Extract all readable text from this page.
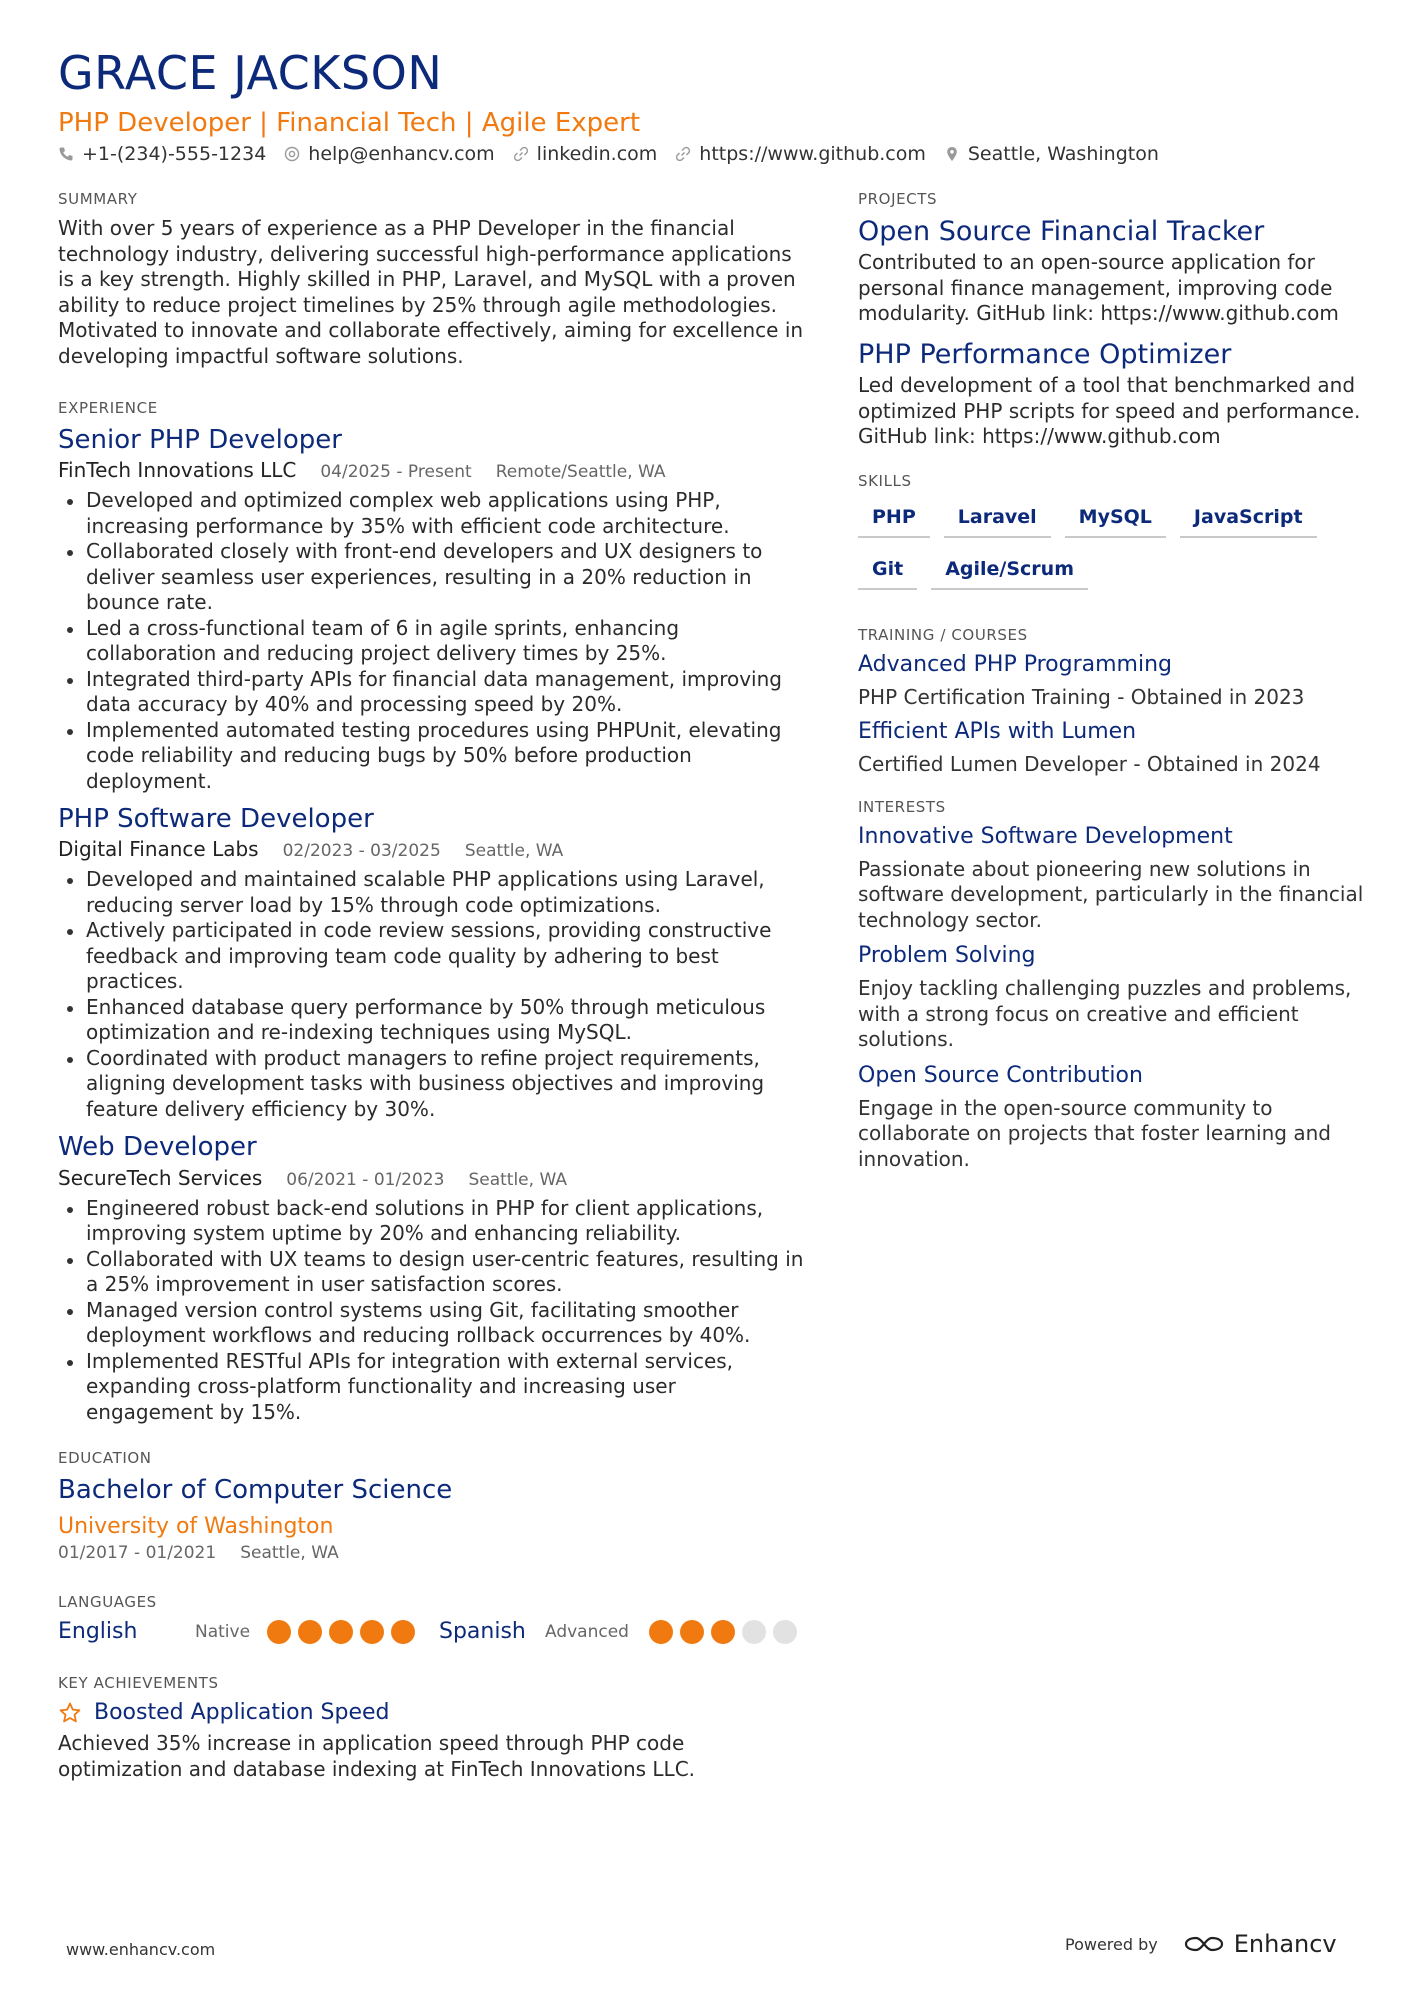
GRACE JACKSON
PHP Developer | Financial Tech | Agile Expert
+1-(234)-555-1234 help@enhancv.com linkedin.com https://www.github.com Seattle, Washington
SUMMARY
With over 5 years of experience as a PHP Developer in the financial technology industry, delivering successful high-performance applications is a key strength. Highly skilled in PHP, Laravel, and MySQL with a proven ability to reduce project timelines by 25% through agile methodologies. Motivated to innovate and collaborate effectively, aiming for excellence in developing impactful software solutions.
EXPERIENCE
Senior PHP Developer
FinTech Innovations LLC 04/2025 - Present Remote/Seattle, WA
Developed and optimized complex web applications using PHP, increasing performance by 35% with efficient code architecture.
Collaborated closely with front-end developers and UX designers to deliver seamless user experiences, resulting in a 20% reduction in bounce rate.
Led a cross-functional team of 6 in agile sprints, enhancing collaboration and reducing project delivery times by 25%.
Integrated third-party APIs for financial data management, improving data accuracy by 40% and processing speed by 20%.
Implemented automated testing procedures using PHPUnit, elevating code reliability and reducing bugs by 50% before production deployment.
PHP Software Developer
Digital Finance Labs 02/2023 - 03/2025 Seattle, WA
Developed and maintained scalable PHP applications using Laravel, reducing server load by 15% through code optimizations.
Actively participated in code review sessions, providing constructive feedback and improving team code quality by adhering to best practices.
Enhanced database query performance by 50% through meticulous optimization and re-indexing techniques using MySQL.
Coordinated with product managers to refine project requirements, aligning development tasks with business objectives and improving feature delivery efficiency by 30%.
Web Developer
SecureTech Services 06/2021 - 01/2023 Seattle, WA
Engineered robust back-end solutions in PHP for client applications, improving system uptime by 20% and enhancing reliability.
Collaborated with UX teams to design user-centric features, resulting in a 25% improvement in user satisfaction scores.
Managed version control systems using Git, facilitating smoother deployment workflows and reducing rollback occurrences by 40%.
Implemented RESTful APIs for integration with external services, expanding cross-platform functionality and increasing user engagement by 15%.
EDUCATION
Bachelor of Computer Science
University of Washington
01/2017 - 01/2021 Seattle, WA
LANGUAGES
English	Native	Spanish	Advanced
KEY ACHIEVEMENTS
Boosted Application Speed
Achieved 35% increase in application speed through PHP code optimization and database indexing at FinTech Innovations LLC.
PROJECTS
Open Source Financial Tracker
Contributed to an open-source application for personal finance management, improving code modularity. GitHub link: https://www.github.com
PHP Performance Optimizer
Led development of a tool that benchmarked and optimized PHP scripts for speed and performance. GitHub link: https://www.github.com
SKILLS
PHP	Laravel	MySQL	JavaScript
Git	Agile/Scrum
TRAINING / COURSES
Advanced PHP Programming
PHP Certification Training - Obtained in 2023
Efficient APIs with Lumen
Certified Lumen Developer - Obtained in 2024
INTERESTS
Innovative Software Development
Passionate about pioneering new solutions in software development, particularly in the financial technology sector.
Problem Solving
Enjoy tackling challenging puzzles and problems, with a strong focus on creative and efficient solutions.
Open Source Contribution
Engage in the open-source community to collaborate on projects that foster learning and innovation.
www.enhancv.com	Powered by	Enhancv
